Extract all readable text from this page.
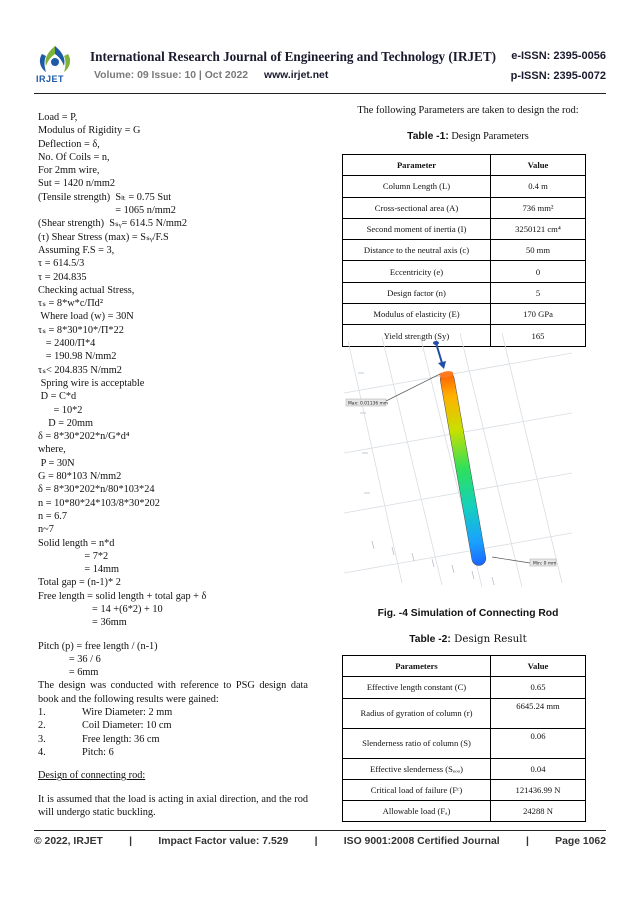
IRJET
International Research Journal of Engineering and Technology (IRJET) e-ISSN: 2395-0056
Volume: 09 Issue: 10 | Oct 2022 www.irjet.net	p-ISSN: 2395-0072
Load = P,
Modulus of Rigidity = G
Deflection = δ,
No. Of Coils = n,
For 2mm wire,
Sut = 1420 n/mm2
(Tensile strength)  Sₗₜ = 0.75 Sut
= 1065 n/mm2
(Shear strength)  Sₛᵧ= 614.5 N/mm2
(τ) Shear Stress (max) = Sₛᵧ/F.S
Assuming F.S = 3,
τ = 614.5/3
τ = 204.835
Checking actual Stress,
τₛ = 8*w*c/Πd²
Where load (w) = 30N
τₛ = 8*30*10*/Π*22
= 2400/Π*4
= 190.98 N/mm2
τₛ< 204.835 N/mm2
Spring wire is acceptable
D = C*d
= 10*2
D = 20mm
δ = 8*30*202*n/G*d⁴
where,
P = 30N
G = 80*103 N/mm2
δ = 8*30*202*n/80*103*24
n = 10*80*24*103/8*30*202
n = 6.7
n~7
Solid length = n*d
= 7*2
= 14mm
Total gap = (n-1)* 2
Free length = solid length + total gap + δ
= 14 +(6*2) + 10
= 36mm
Pitch (p) = free length / (n-1)
= 36 / 6
= 6mm
The design was conducted with reference to PSG design data book and the following results were gained:
1.	Wire Diameter: 2 mm
2.	Coil Diameter: 10 cm
3.	Free length: 36 cm
4.	Pitch: 6
Design of connecting rod:
It is assumed that the load is acting in axial direction, and the rod will undergo static buckling.
The following Parameters are taken to design the rod:
Table -1: Design Parameters
Parameter	Value
Column Length (L)	0.4 m
Cross-sectional area (A)	736 mm²
Second moment of inertia (I)	3250121 cm⁴
Distance to the neutral axis (c)	50 mm
Eccentricity (e)	0
Design factor (n)	5
Modulus of elasticity (E)	170 GPa
Yield strength (Sy)	165
Max: 0.01136 mm
Min: 0 mm
Fig. -4 Simulation of Connecting Rod
Table -2: Design Result
Parameters	Value
Effective length constant (C)	0.65
Radius of gyration of column (r)	6645.24 mm
Slenderness ratio of column (S)	0.06
Effective slenderness (Sₑₒₒ)	0.04
Critical load of failure (Fᶜ)	121436.99 N
Allowable load (Fₐ)	24288 N
© 2022, IRJET	|	Impact Factor value: 7.529	|	ISO 9001:2008 Certified Journal	|	Page 1062
